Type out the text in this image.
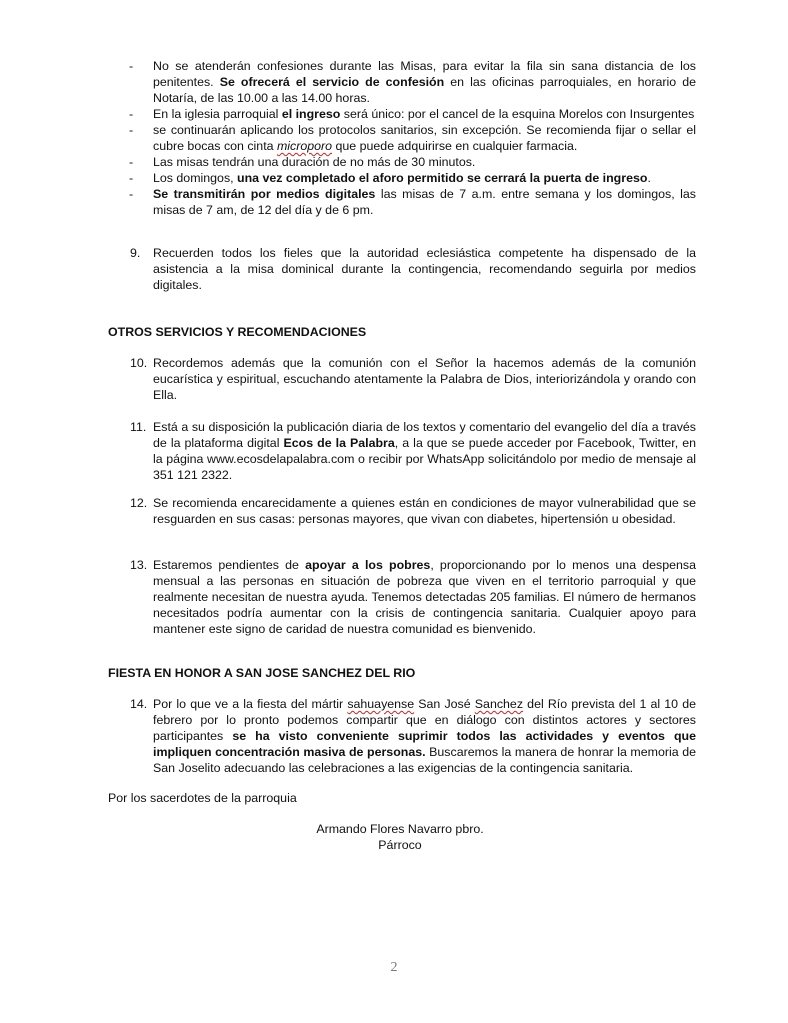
- No se atenderán confesiones durante las Misas, para evitar la fila sin sana distancia de los penitentes. Se ofrecerá el servicio de confesión en las oficinas parroquiales, en horario de Notaría, de las 10.00 a las 14.00 horas.
- En la iglesia parroquial el ingreso será único: por el cancel de la esquina Morelos con Insurgentes
- se continuarán aplicando los protocolos sanitarios, sin excepción. Se recomienda fijar o sellar el cubre bocas con cinta microporo que puede adquirirse en cualquier farmacia.
- Las misas tendrán una duración de no más de 30 minutos.
- Los domingos, una vez completado el aforo permitido se cerrará la puerta de ingreso.
- Se transmitirán por medios digitales las misas de 7 a.m. entre semana y los domingos, las misas de 7 am, de 12 del día y de 6 pm.
9. Recuerden todos los fieles que la autoridad eclesiástica competente ha dispensado de la asistencia a la misa dominical durante la contingencia, recomendando seguirla por medios digitales.
OTROS SERVICIOS Y RECOMENDACIONES
10. Recordemos además que la comunión con el Señor la hacemos además de la comunión eucarística y espiritual, escuchando atentamente la Palabra de Dios, interiorizándola y orando con Ella.
11. Está a su disposición la publicación diaria de los textos y comentario del evangelio del día a través de la plataforma digital Ecos de la Palabra, a la que se puede acceder por Facebook, Twitter, en la página www.ecosdelapalabra.com o recibir por WhatsApp solicitándolo por medio de mensaje al 351 121 2322.
12. Se recomienda encarecidamente a quienes están en condiciones de mayor vulnerabilidad que se resguarden en sus casas: personas mayores, que vivan con diabetes, hipertensión u obesidad.
13. Estaremos pendientes de apoyar a los pobres, proporcionando por lo menos una despensa mensual a las personas en situación de pobreza que viven en el territorio parroquial y que realmente necesitan de nuestra ayuda. Tenemos detectadas 205 familias. El número de hermanos necesitados podría aumentar con la crisis de contingencia sanitaria. Cualquier apoyo para mantener este signo de caridad de nuestra comunidad es bienvenido.
FIESTA EN HONOR A SAN JOSE SANCHEZ DEL RIO
14. Por lo que ve a la fiesta del mártir sahuayense San José Sanchez del Río prevista del 1 al 10 de febrero por lo pronto podemos compartir que en diálogo con distintos actores y sectores participantes se ha visto conveniente suprimir todos las actividades y eventos que impliquen concentración masiva de personas. Buscaremos la manera de honrar la memoria de San Joselito adecuando las celebraciones a las exigencias de la contingencia sanitaria.
Por los sacerdotes de la parroquia
Armando Flores Navarro pbro.
Párroco
2
